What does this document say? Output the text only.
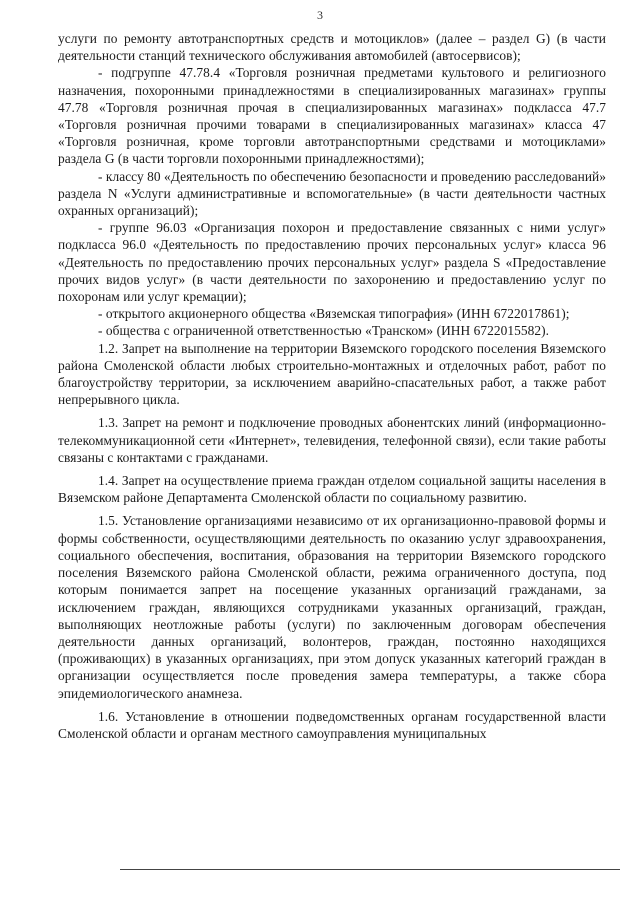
3

услуги по ремонту автотранспортных средств и мотоциклов» (далее – раздел G) (в части деятельности станций технического обслуживания автомобилей (автосервисов);

- подгруппе 47.78.4 «Торговля розничная предметами культового и религиозного назначения, похоронными принадлежностями в специализированных магазинах» группы 47.78 «Торговля розничная прочая в специализированных магазинах» подкласса 47.7 «Торговля розничная прочими товарами в специализированных магазинах» класса 47 «Торговля розничная, кроме торговли автотранспортными средствами и мотоциклами» раздела G (в части торговли похоронными принадлежностями);

- классу 80 «Деятельность по обеспечению безопасности и проведению расследований» раздела N «Услуги административные и вспомогательные» (в части деятельности частных охранных организаций);

- группе 96.03 «Организация похорон и предоставление связанных с ними услуг» подкласса 96.0 «Деятельность по предоставлению прочих персональных услуг» класса 96 «Деятельность по предоставлению прочих персональных услуг» раздела S «Предоставление прочих видов услуг» (в части деятельности по захоронению и предоставлению услуг по похоронам или услуг кремации);

- открытого акционерного общества «Вяземская типография» (ИНН 6722017861);

- общества с ограниченной ответственностью «Транском» (ИНН 6722015582).

1.2. Запрет на выполнение на территории Вяземского городского поселения Вяземского района Смоленской области любых строительно-монтажных и отделочных работ, работ по благоустройству территории, за исключением аварийно-спасательных работ, а также работ непрерывного цикла.

1.3. Запрет на ремонт и подключение проводных абонентских линий (информационно-телекоммуникационной сети «Интернет», телевидения, телефонной связи), если такие работы связаны с контактами с гражданами.

1.4. Запрет на осуществление приема граждан отделом социальной защиты населения в Вяземском районе Департамента Смоленской области по социальному развитию.

1.5. Установление организациями независимо от их организационно-правовой формы и формы собственности, осуществляющими деятельность по оказанию услуг здравоохранения, социального обеспечения, воспитания, образования на территории Вяземского городского поселения Вяземского района Смоленской области, режима ограниченного доступа, под которым понимается запрет на посещение указанных организаций гражданами, за исключением граждан, являющихся сотрудниками указанных организаций, граждан, выполняющих неотложные работы (услуги) по заключенным договорам обеспечения деятельности данных организаций, волонтеров, граждан, постоянно находящихся (проживающих) в указанных организациях, при этом допуск указанных категорий граждан в организации осуществляется после проведения замера температуры, а также сбора эпидемиологического анамнеза.

1.6. Установление в отношении подведомственных органам государственной власти Смоленской области и органам местного самоуправления муниципальных
